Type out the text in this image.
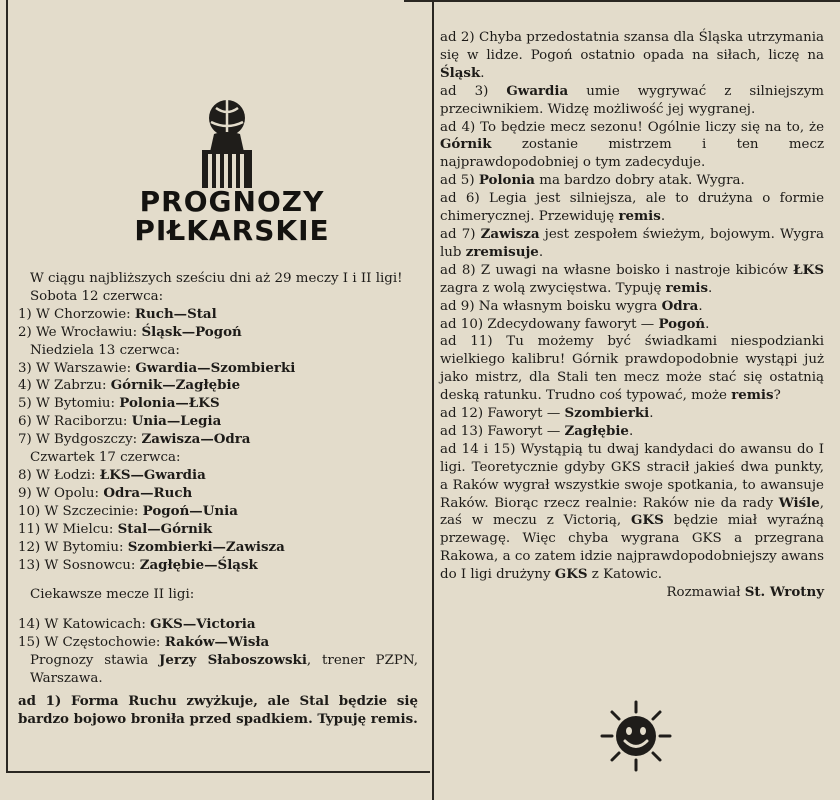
PROGNOZY
PIŁKARSKIE

W ciągu najbliższych sześciu dni aż 29 meczy I i II ligi!

Sobota 12 czerwca:

1) W Chorzowie: Ruch—Stal

2) We Wrocławiu: Śląsk—Pogoń

Niedziela 13 czerwca:

3) W Warszawie: Gwardia—Szombierki

4) W Zabrzu: Górnik—Zagłębie

5) W Bytomiu: Polonia—ŁKS

6) W Raciborzu: Unia—Legia

7) W Bydgoszczy: Zawisza—Odra

Czwartek 17 czerwca:

8) W Łodzi: ŁKS—Gwardia

9) W Opolu: Odra—Ruch

10) W Szczecinie: Pogoń—Unia

11) W Mielcu: Stal—Górnik

12) W Bytomiu: Szombierki—Zawisza

13) W Sosnowcu: Zagłębie—Śląsk

Ciekawsze mecze II ligi:

14) W Katowicach: GKS—Victoria

15) W Częstochowie: Raków—Wisła

Prognozy stawia Jerzy Słaboszowski, trener PZPN, Warszawa.

ad 1) Forma Ruchu zwyżkuje, ale Stal będzie się bardzo bojowo broniła przed spadkiem. Typuję remis.

ad 2) Chyba przedostatnia szansa dla Śląska utrzymania się w lidze. Pogoń ostatnio opada na siłach, liczę na Śląsk.

ad 3) Gwardia umie wygrywać z silniejszym przeciwnikiem. Widzę możliwość jej wygranej.

ad 4) To będzie mecz sezonu! Ogólnie liczy się na to, że Górnik zostanie mistrzem i ten mecz najprawdopodobniej o tym zadecyduje.

ad 5) Polonia ma bardzo dobry atak. Wygra.

ad 6) Legia jest silniejsza, ale to drużyna o formie chimerycznej. Przewiduję remis.

ad 7) Zawisza jest zespołem świeżym, bojowym. Wygra lub zremisuje.

ad 8) Z uwagi na własne boisko i nastroje kibiców ŁKS zagra z wolą zwycięstwa. Typuję remis.

ad 9) Na własnym boisku wygra Odra.

ad 10) Zdecydowany faworyt — Pogoń.

ad 11) Tu możemy być świadkami niespodzianki wielkiego kalibru! Górnik prawdopodobnie wystąpi już jako mistrz, dla Stali ten mecz może stać się ostatnią deską ratunku. Trudno coś typować, może remis?

ad 12) Faworyt — Szombierki.

ad 13) Faworyt — Zagłębie.

ad 14 i 15) Wystąpią tu dwaj kandydaci do awansu do I ligi. Teoretycznie gdyby GKS stracił jakieś dwa punkty, a Raków wygrał wszystkie swoje spotkania, to awansuje Raków. Biorąc rzecz realnie: Raków nie da rady Wiśle, zaś w meczu z Victorią, GKS będzie miał wyraźną przewagę. Więc chyba wygrana GKS a przegrana Rakowa, a co zatem idzie najprawdopodobniejszy awans do I ligi drużyny GKS z Katowic.

Rozmawiał St. Wrotny
